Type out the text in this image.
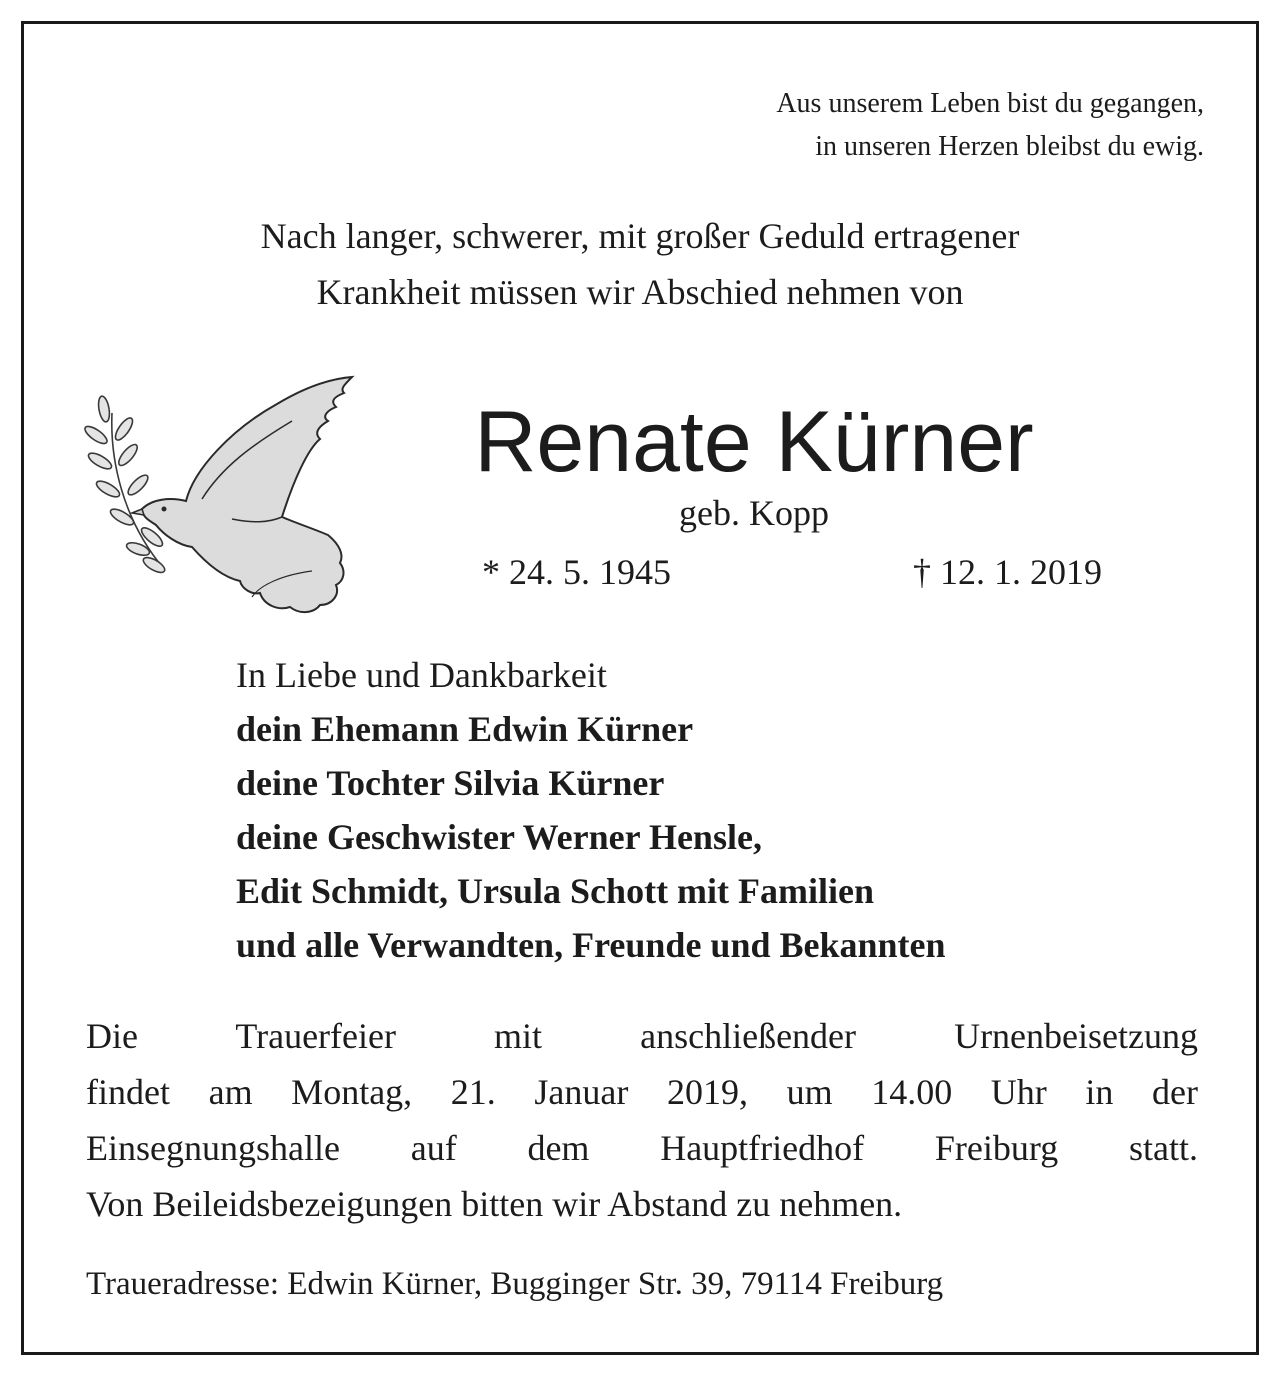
Aus unserem Leben bist du gegangen,
in unseren Herzen bleibst du ewig.
Nach langer, schwerer, mit großer Geduld ertragener
Krankheit müssen wir Abschied nehmen von
Renate Kürner
geb. Kopp
* 24. 5. 1945	† 12. 1. 2019
In Liebe und Dankbarkeit
dein Ehemann Edwin Kürner
deine Tochter Silvia Kürner
deine Geschwister Werner Hensle,
Edit Schmidt, Ursula Schott mit Familien
und alle Verwandten, Freunde und Bekannten
Die Trauerfeier mit anschließender Urnenbeisetzung
findet am Montag, 21. Januar 2019, um 14.00 Uhr in der
Einsegnungshalle auf dem Hauptfriedhof Freiburg statt.
Von Beileidsbezeigungen bitten wir Abstand zu nehmen.
Traueradresse: Edwin Kürner, Bugginger Str. 39, 79114 Freiburg
